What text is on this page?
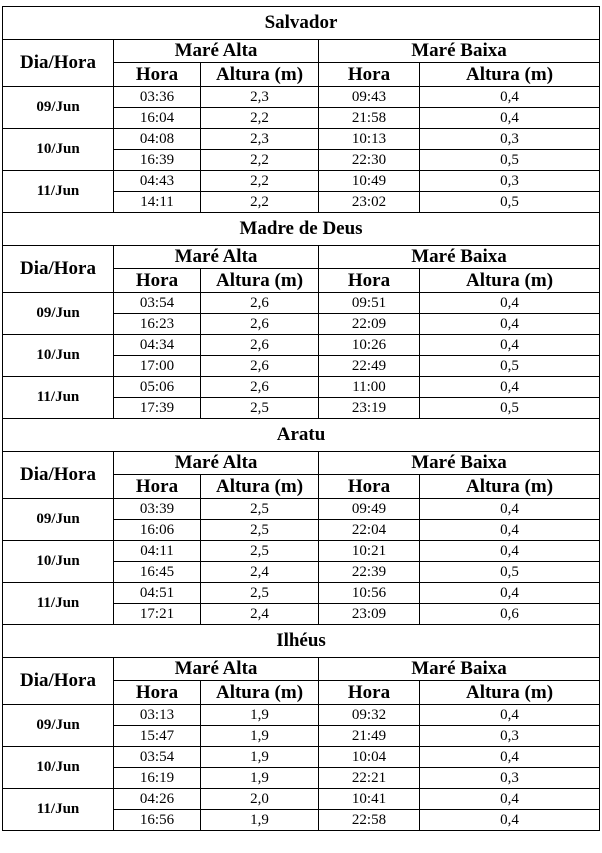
Salvador				
Dia/Hora	Maré Alta		Maré Baixa	
	Hora	Altura (m)	Hora	Altura (m)
09/Jun	03:36	2,3	09:43	0,4
	16:04	2,2	21:58	0,4
10/Jun	04:08	2,3	10:13	0,3
	16:39	2,2	22:30	0,5
11/Jun	04:43	2,2	10:49	0,3
	14:11	2,2	23:02	0,5
Madre de Deus				
Dia/Hora	Maré Alta		Maré Baixa	
	Hora	Altura (m)	Hora	Altura (m)
09/Jun	03:54	2,6	09:51	0,4
	16:23	2,6	22:09	0,4
10/Jun	04:34	2,6	10:26	0,4
	17:00	2,6	22:49	0,5
11/Jun	05:06	2,6	11:00	0,4
	17:39	2,5	23:19	0,5
Aratu				
Dia/Hora	Maré Alta		Maré Baixa	
	Hora	Altura (m)	Hora	Altura (m)
09/Jun	03:39	2,5	09:49	0,4
	16:06	2,5	22:04	0,4
10/Jun	04:11	2,5	10:21	0,4
	16:45	2,4	22:39	0,5
11/Jun	04:51	2,5	10:56	0,4
	17:21	2,4	23:09	0,6
Ilhéus				
Dia/Hora	Maré Alta		Maré Baixa	
	Hora	Altura (m)	Hora	Altura (m)
09/Jun	03:13	1,9	09:32	0,4
	15:47	1,9	21:49	0,3
10/Jun	03:54	1,9	10:04	0,4
	16:19	1,9	22:21	0,3
11/Jun	04:26	2,0	10:41	0,4
	16:56	1,9	22:58	0,4
